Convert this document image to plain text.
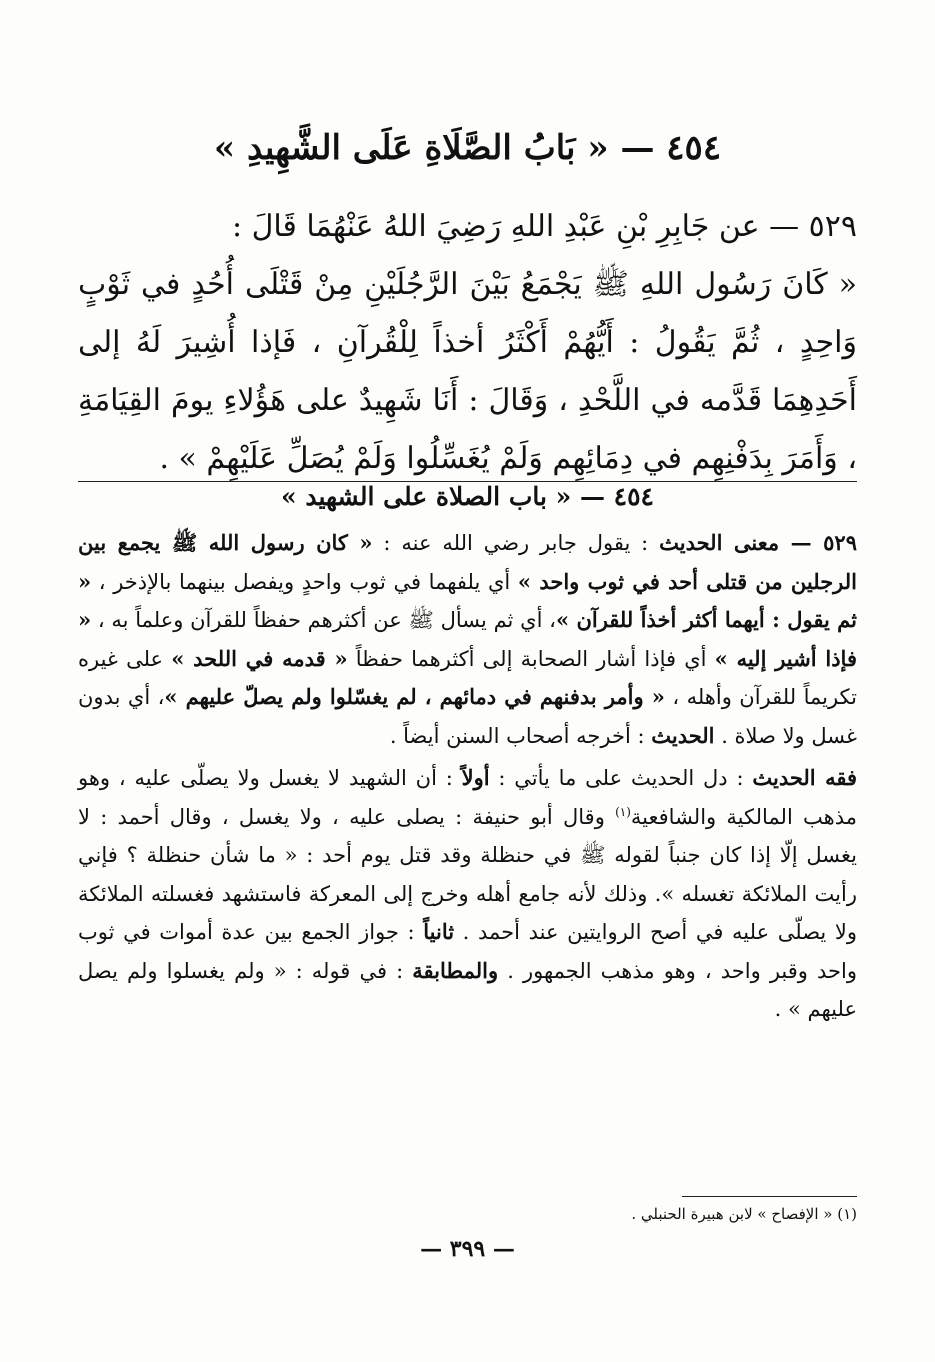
٤٥٤ — « بَابُ الصَّلَاةِ عَلَى الشَّهِيدِ »

٥٢٩ — عن جَابِرِ بْنِ عَبْدِ اللهِ رَضِيَ اللهُ عَنْهُمَا قَالَ :

« كَانَ رَسُول اللهِ ﷺ يَجْمَعُ بَيْنَ الرَّجُلَيْنِ مِنْ قَتْلَى أُحُدٍ في ثَوْبٍ وَاحِدٍ ، ثُمَّ يَقُولُ : أَيُّهُمْ أَكْثَرُ أخذاً لِلْقُرآنِ ، فَإذا أُشِيرَ لَهُ إلى أَحَدِهِمَا قَدَّمه في اللَّحْدِ ، وَقَالَ : أَنَا شَهِيدٌ على هَؤُلاءِ يومَ القِيَامَةِ ، وَأَمَرَ بِدَفْنِهِم في دِمَائِهِم وَلَمْ يُغَسِّلُوا وَلَمْ يُصَلِّ عَلَيْهِمْ » .

٤٥٤ — « باب الصلاة على الشهيد »

٥٢٩ — معنى الحديث : يقول جابر رضي الله عنه : « كان رسول الله ﷺ يجمع بين الرجلين من قتلى أحد في ثوب واحد » أي يلفهما في ثوب واحدٍ ويفصل بينهما بالإذخر ، « ثم يقول : أيهما أكثر أخذاً للقرآن »، أي ثم يسأل ﷺ عن أكثرهم حفظاً للقرآن وعلماً به ، « فإذا أشير إليه » أي فإذا أشار الصحابة إلى أكثرهما حفظاً « قدمه في اللحد » على غيره تكريماً للقرآن وأهله ، « وأمر بدفنهم في دمائهم ، لم يغسّلوا ولم يصلّ عليهم »، أي بدون غسل ولا صلاة . الحديث : أخرجه أصحاب السنن أيضاً .

فقه الحديث : دل الحديث على ما يأتي : أولاً : أن الشهيد لا يغسل ولا يصلّى عليه ، وهو مذهب المالكية والشافعية$^{(١)}$ وقال أبو حنيفة : يصلى عليه ، ولا يغسل ، وقال أحمد : لا يغسل إلّا إذا كان جنباً لقوله ﷺ في حنظلة وقد قتل يوم أحد : « ما شأن حنظلة ؟ فإني رأيت الملائكة تغسله ». وذلك لأنه جامع أهله وخرج إلى المعركة فاستشهد فغسلته الملائكة ولا يصلّى عليه في أصح الروايتين عند أحمد . ثانياً : جواز الجمع بين عدة أموات في ثوب واحد وقبر واحد ، وهو مذهب الجمهور . والمطابقة : في قوله : « ولم يغسلوا ولم يصل عليهم » .

(١) « الإفصاح » لابن هبيرة الحنبلي .
— ٣٩٩ —
